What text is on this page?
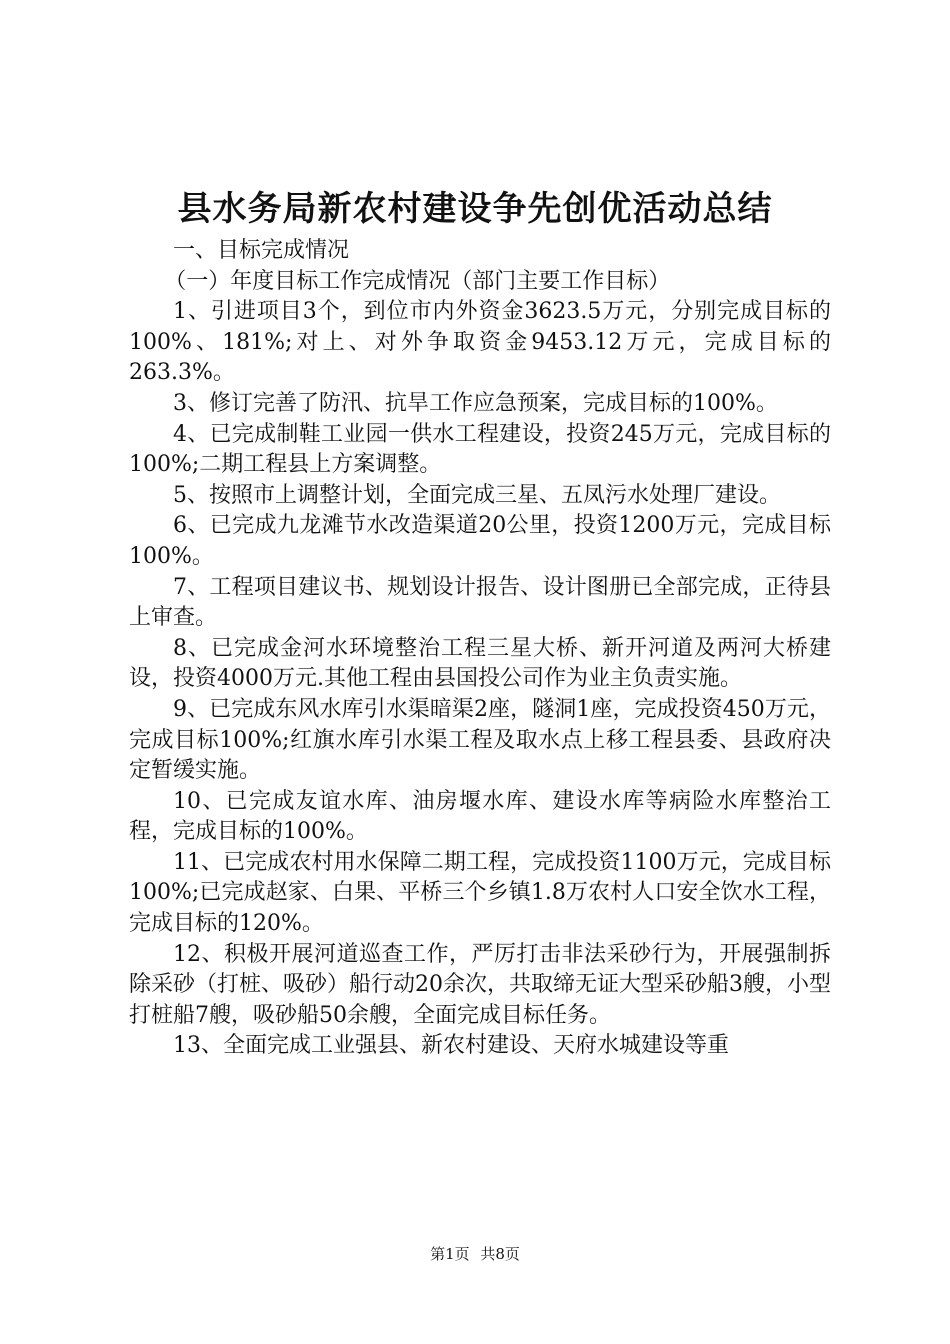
县水务局新农村建设争先创优活动总结

一、目标完成情况

（一）年度目标工作完成情况（部门主要工作目标）

1、引进项目3个，到位市内外资金3623.5万元，分别完成目标的100%、181%;对上、对外争取资金9453.12万元，完成目标的263.3%。

3、修订完善了防汛、抗旱工作应急预案，完成目标的100%。

4、已完成制鞋工业园一供水工程建设，投资245万元，完成目标的100%;二期工程县上方案调整。

5、按照市上调整计划，全面完成三星、五凤污水处理厂建设。

6、已完成九龙滩节水改造渠道20公里，投资1200万元，完成目标100%。

7、工程项目建议书、规划设计报告、设计图册已全部完成，正待县上审查。

8、已完成金河水环境整治工程三星大桥、新开河道及两河大桥建设，投资4000万元.其他工程由县国投公司作为业主负责实施。

9、已完成东风水库引水渠暗渠2座，隧洞1座，完成投资450万元，完成目标100%;红旗水库引水渠工程及取水点上移工程县委、县政府决定暂缓实施。

10、已完成友谊水库、油房堰水库、建设水库等病险水库整治工程，完成目标的100%。

11、已完成农村用水保障二期工程，完成投资1100万元，完成目标100%;已完成赵家、白果、平桥三个乡镇1.8万农村人口安全饮水工程，完成目标的120%。

12、积极开展河道巡查工作，严厉打击非法采砂行为，开展强制拆除采砂（打桩、吸砂）船行动20余次，共取缔无证大型采砂船3艘，小型打桩船7艘，吸砂船50余艘，全面完成目标任务。

13、全面完成工业强县、新农村建设、天府水城建设等重

第1页 共8页
